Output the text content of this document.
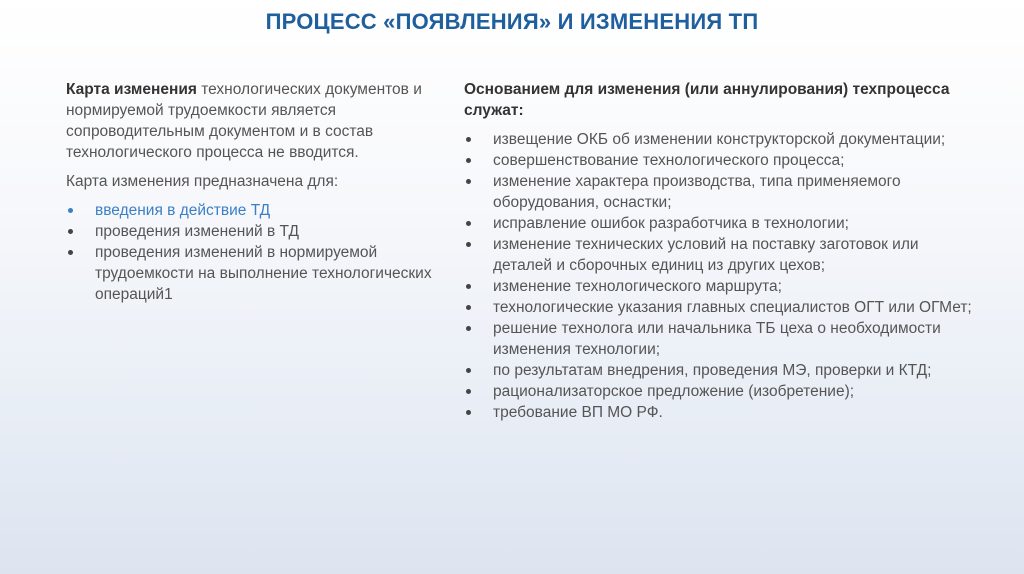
ПРОЦЕСС «ПОЯВЛЕНИЯ» И ИЗМЕНЕНИЯ ТП

Карта изменения технологических документов и нормируемой трудоемкости является сопроводительным документом и в состав технологического процесса не вводится.

Карта изменения предназначена для:

введения в действие ТД
проведения изменений в ТД
проведения изменений в нормируемой трудоемкости на выполнение технологических операций1

Основанием для изменения (или аннулирования) техпроцесса служат:

извещение ОКБ об изменении конструкторской документации;
совершенствование технологического процесса;
изменение характера производства, типа применяемого оборудования, оснастки;
исправление ошибок разработчика в технологии;
изменение технических условий на поставку заготовок или деталей и сборочных единиц из других цехов;
изменение технологического маршрута;
технологические указания главных специалистов ОГТ или ОГМет;
решение технолога или начальника ТБ цеха о необходимости изменения технологии;
по результатам внедрения, проведения МЭ, проверки и КТД;
рационализаторское предложение (изобретение);
требование ВП МО РФ.
